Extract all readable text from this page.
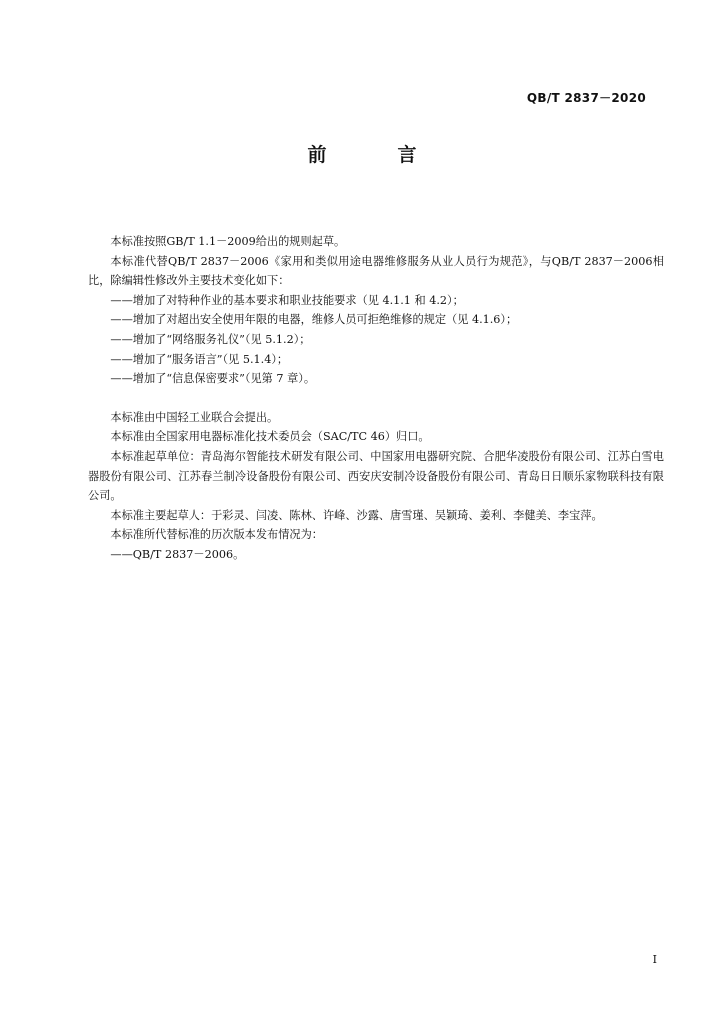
QB/T 2837－2020
前　言

本标准按照GB/T 1.1－2009给出的规则起草。

本标准代替QB/T 2837－2006《家用和类似用途电器维修服务从业人员行为规范》，与QB/T 2837－2006相比，除编辑性修改外主要技术变化如下：

——增加了对特种作业的基本要求和职业技能要求（见 4.1.1 和 4.2）；

——增加了对超出安全使用年限的电器，维修人员可拒绝维修的规定（见 4.1.6）；

——增加了“网络服务礼仪”（见 5.1.2）；

——增加了“服务语言”（见 5.1.4）；

——增加了“信息保密要求”（见第 7 章）。

本标准由中国轻工业联合会提出。

本标准由全国家用电器标准化技术委员会（SAC/TC 46）归口。

本标准起草单位：青岛海尔智能技术研发有限公司、中国家用电器研究院、合肥华凌股份有限公司、江苏白雪电器股份有限公司、江苏春兰制冷设备股份有限公司、西安庆安制冷设备股份有限公司、青岛日日顺乐家物联科技有限公司。

本标准主要起草人：于彩灵、闫凌、陈林、许峰、沙露、唐雪瑾、吴颖琦、姜利、李健美、李宝萍。

本标准所代替标准的历次版本发布情况为：

——QB/T 2837－2006。

I
